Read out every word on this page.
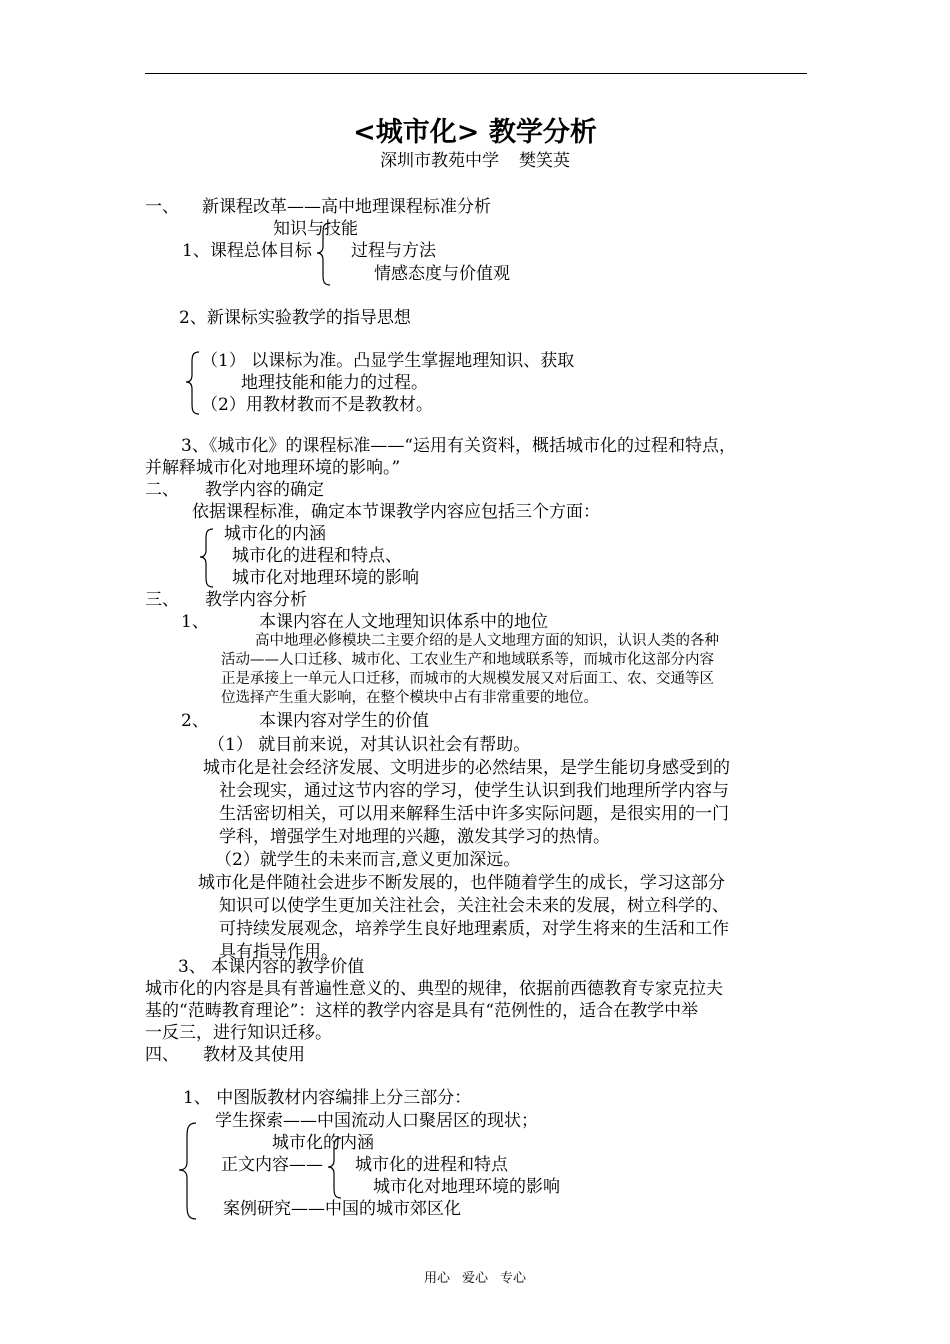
<城市化> 教学分析
深圳市教苑中学 樊笑英
一、 新课程改革——高中地理课程标准分析
知识与技能
1、课程总体目标 过程与方法
情感态度与价值观
2、新课标实验教学的指导思想
（1） 以课标为准。凸显学生掌握地理知识、获取
地理技能和能力的过程。
（2）用教材教而不是教教材。
3、《城市化》的课程标准——“运用有关资料，概括城市化的过程和特点，
并解释城市化对地理环境的影响。”
二、 教学内容的确定
依据课程标准，确定本节课教学内容应包括三个方面：
城市化的内涵
城市化的进程和特点、
城市化对地理环境的影响
三、 教学内容分析
1、	本课内容在人文地理知识体系中的地位
高中地理必修模块二主要介绍的是人文地理方面的知识，认识人类的各种
活动——人口迁移、城市化、工农业生产和地域联系等，而城市化这部分内容
正是承接上一单元人口迁移，而城市的大规模发展又对后面工、农、交通等区
位选择产生重大影响，在整个模块中占有非常重要的地位。
2、	本课内容对学生的价值
（1） 就目前来说，对其认识社会有帮助。
城市化是社会经济发展、文明进步的必然结果，是学生能切身感受到的
社会现实，通过这节内容的学习，使学生认识到我们地理所学内容与
生活密切相关，可以用来解释生活中许多实际问题，是很实用的一门
学科，增强学生对地理的兴趣，激发其学习的热情。
（2）就学生的未来而言,意义更加深远。
城市化是伴随社会进步不断发展的，也伴随着学生的成长，学习这部分
知识可以使学生更加关注社会，关注社会未来的发展，树立科学的、
可持续发展观念，培养学生良好地理素质，对学生将来的生活和工作
具有指导作用。
3、 本课内容的教学价值
城市化的内容是具有普遍性意义的、典型的规律，依据前西德教育专家克拉夫
基的“范畴教育理论”：这样的教学内容是具有“范例性的，适合在教学中举
一反三，进行知识迁移。
四、 教材及其使用
1、 中图版教材内容编排上分三部分：
学生探索——中国流动人口聚居区的现状；
城市化的内涵
正文内容—— 城市化的进程和特点
城市化对地理环境的影响
案例研究——中国的城市郊区化
用心 爱心 专心
